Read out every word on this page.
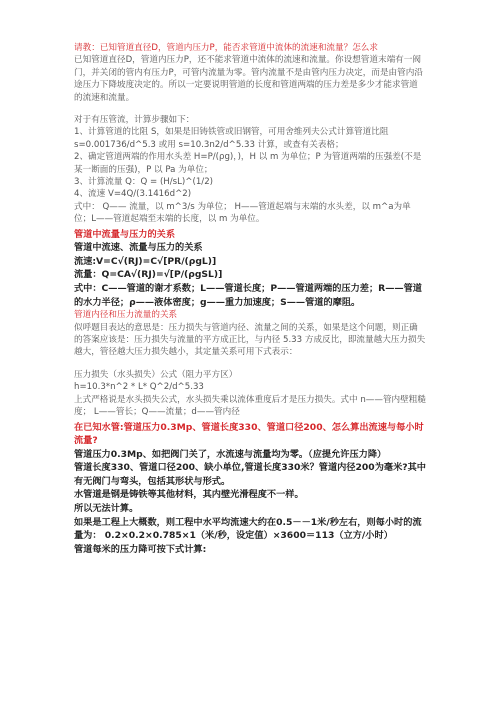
请教：已知管道直径D，管道内压力P，能否求管道中流体的流速和流量？怎么求

已知管道直径D，管道内压力P，还不能求管道中流体的流速和流量。你设想管道末端有一阀门，并关闭的管内有压力P，可管内流量为零。管内流量不是由管内压力决定，而是由管内沿途压力下降坡度决定的。所以一定要说明管道的长度和管道两端的压力差是多少才能求管道的流速和流量。

对于有压管流，计算步骤如下：

1、计算管道的比阻 S，如果是旧铸铁管或旧钢管，可用舍维列夫公式计算管道比阻 s=0.001736/d^5.3 或用 s=10.3n2/d^5.33 计算，或查有关表格；

2、确定管道两端的作用水头差 H=P/(ρg)，)，H 以 m 为单位；P 为管道两端的压强差(不是某一断面的压强)，P 以 Pa 为单位；

3、计算流量 Q：Q = (H/sL)^(1/2)

4、流速 V=4Q/(3.1416d^2)

式中： Q—— 流量，以 m^3/s 为单位； H——管道起端与末端的水头差，以 m^a为单位；L——管道起端至末端的长度，以 m 为单位。

管道中流量与压力的关系

管道中流速、流量与压力的关系

流速:V=C√(RJ)=C√[PR/(ρgL)]

流量：Q=CA√(RJ)=√[P/(ρgSL)]

式中：C——管道的谢才系数；L——管道长度；P——管道两端的压力差；R——管道的水力半径；ρ——液体密度；g——重力加速度；S——管道的摩阻。

管道内径和压力流量的关系

似呼题目表达的意思是：压力损失与管道内径、流量之间的关系，如果是这个问题，则正确的答案应该是：压力损失与流量的平方成正比，与内径 5.33 方成反比，即流量越大压力损失越大，管径越大压力损失越小，其定量关系可用下式表示：

压力损失（水头损失）公式（阻力平方区）

h=10.3*n^2 * L* Q^2/d^5.33

上式严格说是水头损失公式，水头损失乘以流体重度后才是压力损失。式中 n——管内壁粗糙度； L——管长；Q——流量；d——管内径

在已知水管:管道压力0.3Mp、管道长度330、管道口径200、怎么算出流速与每小时流量?

管道压力0.3Mp、如把阀门关了，水流速与流量均为零。（应提允许压力降）

管道长度330、管道口径200、缺小单位,管道长度330米？管道内径200为毫米?其中有无阀门与弯头，包括其形状与形式。

水管道是钢是铸铁等其他材料，其内壁光滑程度不一样。

所以无法计算。

如果是工程上大概数，则工程中水平均流速大约在0.5－－1米/秒左右，则每小时的流量为： 0.2×0.2×0.785×1（米/秒，设定值）×3600＝113（立方/小时）

管道每米的压力降可按下式计算:
